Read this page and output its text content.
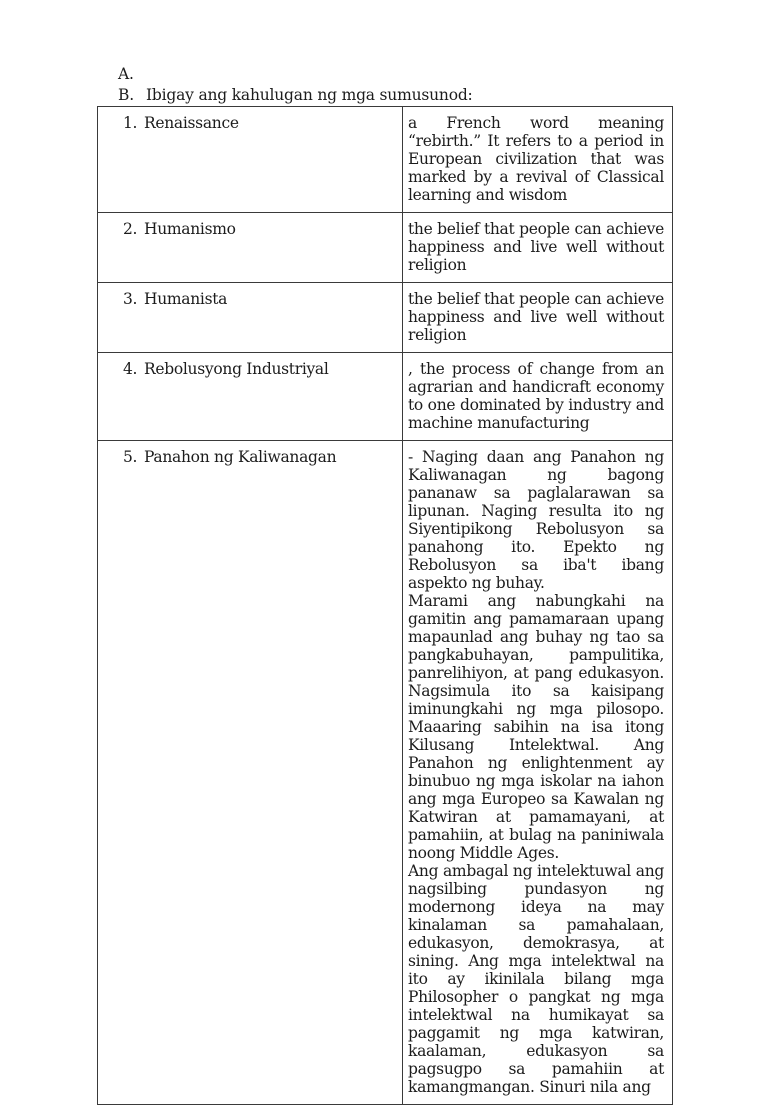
A.
B. Ibigay ang kahulugan ng mga sumusunod:
1. Renaissance	a French word meaning “rebirth.” It refers to a period in European civilization that was marked by a revival of Classical learning and wisdom

2. Humanismo	the belief that people can achieve happiness and live well without religion

3. Humanista	the belief that people can achieve happiness and live well without religion

4. Rebolusyong Industriyal	, the process of change from an agrarian and handicraft economy to one dominated by industry and machine manufacturing

5. Panahon ng Kaliwanagan	- Naging daan ang Panahon ng Kaliwanagan ng bagong pananaw sa paglalarawan sa lipunan. Naging resulta ito ng Siyentipikong Rebolusyon sa panahong ito. Epekto ng Rebolusyon sa iba't ibang aspekto ng buhay.

Marami ang nabungkahi na gamitin ang pamamaraan upang mapaunlad ang buhay ng tao sa pangkabuhayan, pampulitika, panrelihiyon, at pang edukasyon. Nagsimula ito sa kaisipang iminungkahi ng mga pilosopo. Maaaring sabihin na isa itong Kilusang Intelektwal. Ang Panahon ng enlightenment ay binubuo ng mga iskolar na iahon ang mga Europeo sa Kawalan ng Katwiran at pamamayani, at pamahiin, at bulag na paniniwala noong Middle Ages.

Ang ambagal ng intelektuwal ang nagsilbing pundasyon ng modernong ideya na may kinalaman sa pamahalaan, edukasyon, demokrasya, at sining. Ang mga intelektwal na ito ay ikinilala bilang mga Philosopher o pangkat ng mga intelektwal na humikayat sa paggamit ng mga katwiran, kaalaman, edukasyon sa pagsugpo sa pamahiin at kamangmangan. Sinuri nila ang
